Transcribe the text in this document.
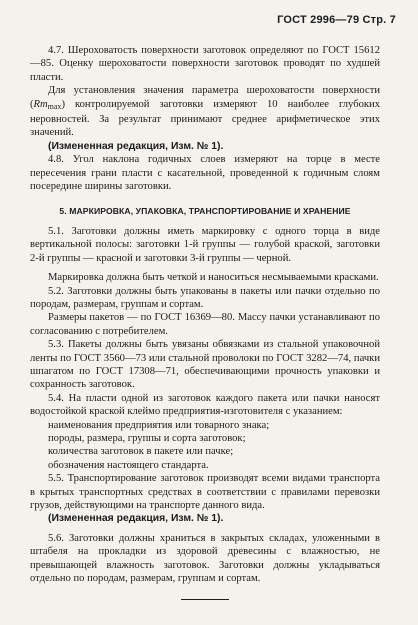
ГОСТ 2996—79 Стр. 7

4.7. Шероховатость поверхности заготовок определяют по ГОСТ 15612—85. Оценку шероховатости поверхности заготовок проводят по худшей пласти.

Для установления значения параметра шероховатости поверхности $(Rm_{max})$ контролируемой заготовки измеряют 10 наиболее глубоких неровностей. За результат принимают среднее арифметическое этих значений.

(Измененная редакция, Изм. № 1).

4.8. Угол наклона годичных слоев измеряют на торце в месте пересечения грани пласти с касательной, проведенной к годичным слоям посередине ширины заготовки.

5. МАРКИРОВКА, УПАКОВКА, ТРАНСПОРТИРОВАНИЕ И ХРАНЕНИЕ

5.1. Заготовки должны иметь маркировку с одного торца в виде вертикальной полосы: заготовки 1-й группы — голубой краской, заготовки 2-й группы — красной и заготовки 3-й группы — черной.

Маркировка должна быть четкой и наноситься несмываемыми красками.

5.2. Заготовки должны быть упакованы в пакеты или пачки отдельно по породам, размерам, группам и сортам.

Размеры пакетов — по ГОСТ 16369—80. Массу пачки устанавливают по согласованию с потребителем.

5.3. Пакеты должны быть увязаны обвязками из стальной упаковочной ленты по ГОСТ 3560—73 или стальной проволоки по ГОСТ 3282—74, пачки шпагатом по ГОСТ 17308—71, обеспечивающими прочность упаковки и сохранность заготовок.

5.4. На пласти одной из заготовок каждого пакета или пачки наносят водостойкой краской клеймо предприятия-изготовителя с указанием:

наименования предприятия или товарного знака;

породы, размера, группы и сорта заготовок;

количества заготовок в пакете или пачке;

обозначения настоящего стандарта.

5.5. Транспортирование заготовок производят всеми видами транспорта в крытых транспортных средствах в соответствии с правилами перевозки грузов, действующими на транспорте данного вида.

(Измененная редакция, Изм. № 1).

5.6. Заготовки должны храниться в закрытых складах, уложенными в штабеля на прокладки из здоровой древесины с влажностью, не превышающей влажность заготовок. Заготовки должны укладываться отдельно по породам, размерам, группам и сортам.
